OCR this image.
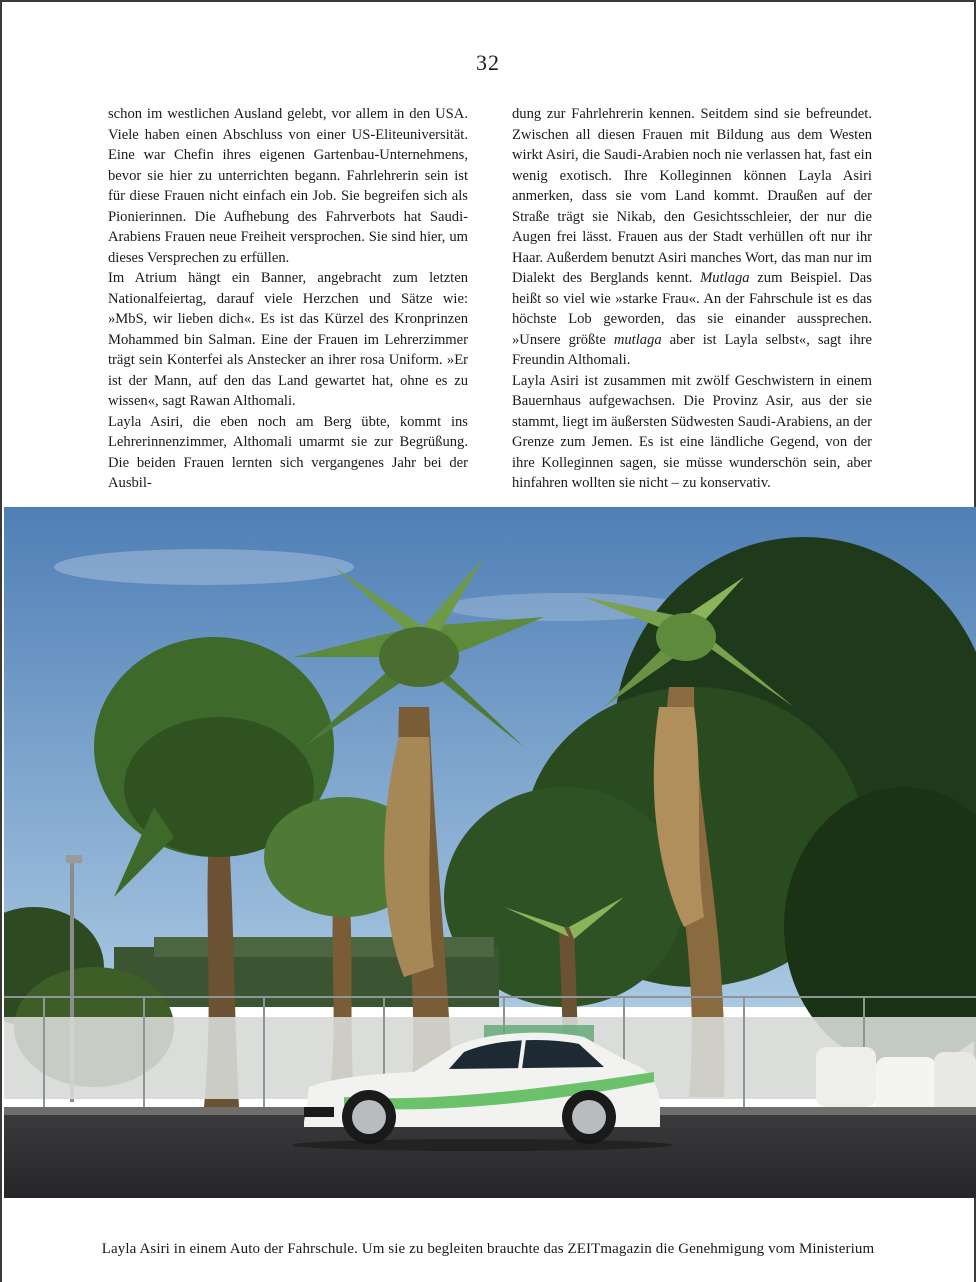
32

schon im westlichen Ausland gelebt, vor allem in den USA. Viele haben einen Abschluss von einer US-Eliteuniversität. Eine war Chefin ihres eigenen Gartenbau-Unternehmens, bevor sie hier zu unterrichten begann. Fahrlehrerin sein ist für diese Frauen nicht einfach ein Job. Sie begreifen sich als Pionierinnen. Die Aufhebung des Fahrverbots hat Saudi-Arabiens Frauen neue Freiheit versprochen. Sie sind hier, um dieses Versprechen zu erfüllen.

Im Atrium hängt ein Banner, angebracht zum letzten Nationalfeiertag, darauf viele Herzchen und Sätze wie: »MbS, wir lieben dich«. Es ist das Kürzel des Kronprinzen Mohammed bin Salman. Eine der Frauen im Lehrerzimmer trägt sein Konterfei als Anstecker an ihrer rosa Uniform. »Er ist der Mann, auf den das Land gewartet hat, ohne es zu wissen«, sagt Rawan Althomali.

Layla Asiri, die eben noch am Berg übte, kommt ins Lehrerinnenzimmer, Althomali umarmt sie zur Begrüßung. Die beiden Frauen lernten sich vergangenes Jahr bei der Ausbil-

dung zur Fahrlehrerin kennen. Seitdem sind sie befreundet. Zwischen all diesen Frauen mit Bildung aus dem Westen wirkt Asiri, die Saudi-Arabien noch nie verlassen hat, fast ein wenig exotisch. Ihre Kolleginnen können Layla Asiri anmerken, dass sie vom Land kommt. Draußen auf der Straße trägt sie Nikab, den Gesichtsschleier, der nur die Augen frei lässt. Frauen aus der Stadt verhüllen oft nur ihr Haar. Außerdem benutzt Asiri manches Wort, das man nur im Dialekt des Berglands kennt. Mutlaga zum Beispiel. Das heißt so viel wie »starke Frau«. An der Fahrschule ist es das höchste Lob geworden, das sie einander aussprechen. »Unsere größte mutlaga aber ist Layla selbst«, sagt ihre Freundin Althomali.

Layla Asiri ist zusammen mit zwölf Geschwistern in einem Bauernhaus aufgewachsen. Die Provinz Asir, aus der sie stammt, liegt im äußersten Südwesten Saudi-Arabiens, an der Grenze zum Jemen. Es ist eine ländliche Gegend, von der ihre Kolleginnen sagen, sie müsse wunderschön sein, aber hinfahren wollten sie nicht – zu konservativ.

Layla Asiri in einem Auto der Fahrschule. Um sie zu begleiten brauchte das ZEITmagazin die Genehmigung vom Ministerium
